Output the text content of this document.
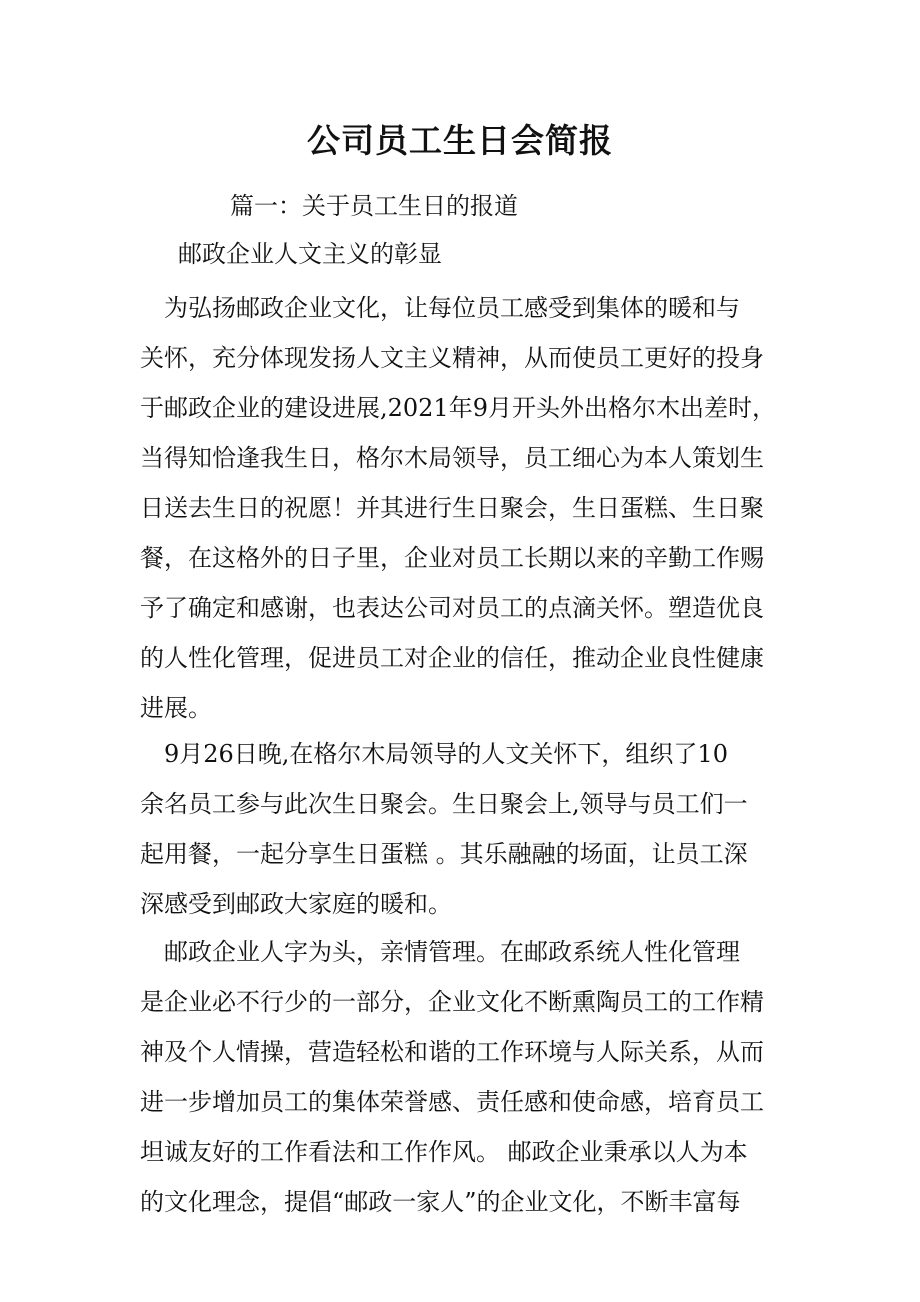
公司员工生日会简报
篇一：关于员工生日的报道
邮政企业人文主义的彰显
　为弘扬邮政企业文化，让每位员工感受到集体的暖和与
关怀，充分体现发扬人文主义精神，从而使员工更好的投身
于邮政企业的建设进展,2021年9月开头外出格尔木出差时，
当得知恰逢我生日，格尔木局领导，员工细心为本人策划生
日送去生日的祝愿！并其进行生日聚会，生日蛋糕、生日聚
餐，在这格外的日子里，企业对员工长期以来的辛勤工作赐
予了确定和感谢，也表达公司对员工的点滴关怀。塑造优良
的人性化管理，促进员工对企业的信任，推动企业良性健康
进展。
　9月26日晚,在格尔木局领导的人文关怀下，组织了10
余名员工参与此次生日聚会。生日聚会上,领导与员工们一
起用餐，一起分享生日蛋糕 。其乐融融的场面，让员工深
深感受到邮政大家庭的暖和。
　邮政企业人字为头，亲情管理。在邮政系统人性化管理
是企业必不行少的一部分，企业文化不断熏陶员工的工作精
神及个人情操，营造轻松和谐的工作环境与人际关系，从而
进一步增加员工的集体荣誉感、责任感和使命感，培育员工
坦诚友好的工作看法和工作作风。 邮政企业秉承以人为本
的文化理念，提倡“邮政一家人”的企业文化，不断丰富每
